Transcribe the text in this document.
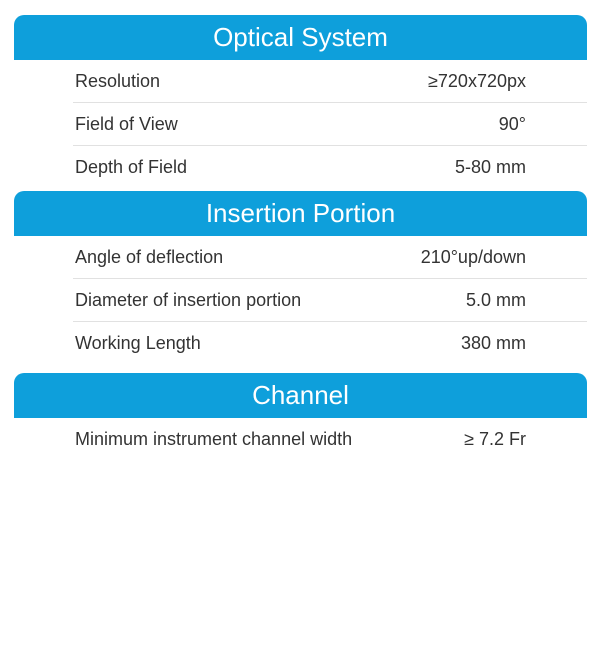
Optical System
Resolution	≥720x720px
Field of View	90°
Depth of Field	5-80 mm
Insertion Portion
Angle of deflection	210°up/down
Diameter of insertion portion	5.0 mm
Working Length	380 mm
Channel
Minimum instrument channel width	≥ 7.2 Fr
